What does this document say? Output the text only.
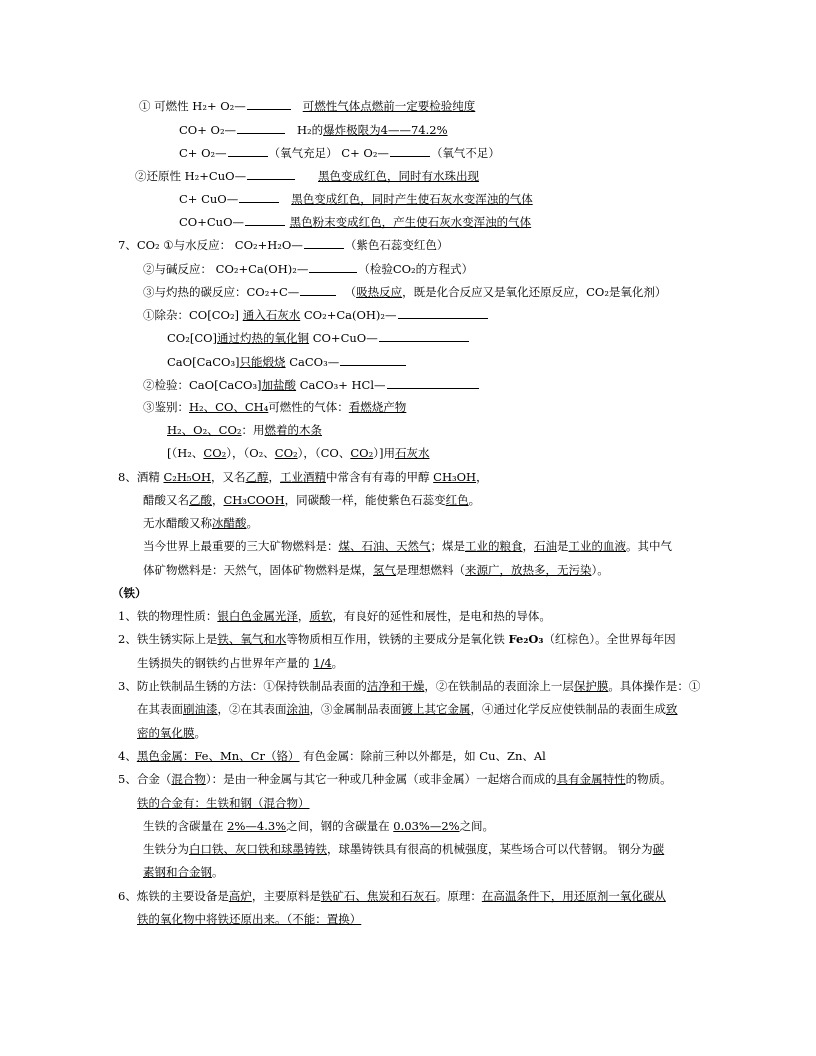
① 可燃性 H₂+ O₂—	可燃性气体点燃前一定要检验纯度
CO+ O₂—	H₂的爆炸极限为4——74.2%
C+ O₂—	（氧气充足） C+ O₂—	（氧气不足）
②还原性 H₂+CuO—	黑色变成红色，同时有水珠出现
C+ CuO—	黑色变成红色，同时产生使石灰水变浑浊的气体
CO+CuO—	黑色粉末变成红色，产生使石灰水变浑浊的气体
7、CO₂ ①与水反应： CO₂+H₂O—	（紫色石蕊变红色）
②与碱反应： CO₂+Ca(OH)₂—	（检验CO₂的方程式）
③与灼热的碳反应：CO₂+C—	（吸热反应，既是化合反应又是氧化还原反应，CO₂是氧化剂）
①除杂：CO[CO₂] 通入石灰水 CO₂+Ca(OH)₂—
CO₂[CO]通过灼热的氧化铜 CO+CuO—
CaO[CaCO₃]只能煅烧 CaCO₃—
②检验：CaO[CaCO₃]加盐酸 CaCO₃+ HCl—
③鉴别：H₂、CO、CH₄可燃性的气体：看燃烧产物
H₂、O₂、CO₂：用燃着的木条
[（H₂、CO₂），（O₂、CO₂），（CO、CO₂）]用石灰水
8、酒精 C₂H₅OH，又名乙醇，工业酒精中常含有有毒的甲醇 CH₃OH，
醋酸又名乙酸，CH₃COOH，同碳酸一样，能使紫色石蕊变红色。
无水醋酸又称冰醋酸。
当今世界上最重要的三大矿物燃料是：煤、石油、天然气；煤是工业的粮食，石油是工业的血液。其中气
体矿物燃料是：天然气，固体矿物燃料是煤，氢气是理想燃料（来源广，放热多，无污染）。
（铁）
1、铁的物理性质：银白色金属光泽，质软，有良好的延性和展性，是电和热的导体。
2、铁生锈实际上是铁、氧气和水等物质相互作用，铁锈的主要成分是氧化铁 Fe₂O₃（红棕色）。全世界每年因
生锈损失的钢铁约占世界年产量的 1/4。
3、防止铁制品生锈的方法：①保持铁制品表面的洁净和干燥，②在铁制品的表面涂上一层保护膜。具体操作是：①
在其表面刷油漆，②在其表面涂油，③金属制品表面镀上其它金属，④通过化学反应使铁制品的表面生成致
密的氧化膜。
4、黑色金属：Fe、Mn、Cr（铬） 有色金属：除前三种以外都是，如 Cu、Zn、Al
5、合金（混合物）：是由一种金属与其它一种或几种金属（或非金属）一起熔合而成的具有金属特性的物质。
铁的合金有：生铁和钢（混合物）
生铁的含碳量在 2%—4.3%之间，钢的含碳量在 0.03%—2%之间。
生铁分为白口铁、灰口铁和球墨铸铁，球墨铸铁具有很高的机械强度，某些场合可以代替钢。 钢分为碳
素钢和合金钢。
6、炼铁的主要设备是高炉，主要原料是铁矿石、焦炭和石灰石。原理：在高温条件下，用还原剂一氧化碳从
铁的氧化物中将铁还原出来。（不能：置换）
